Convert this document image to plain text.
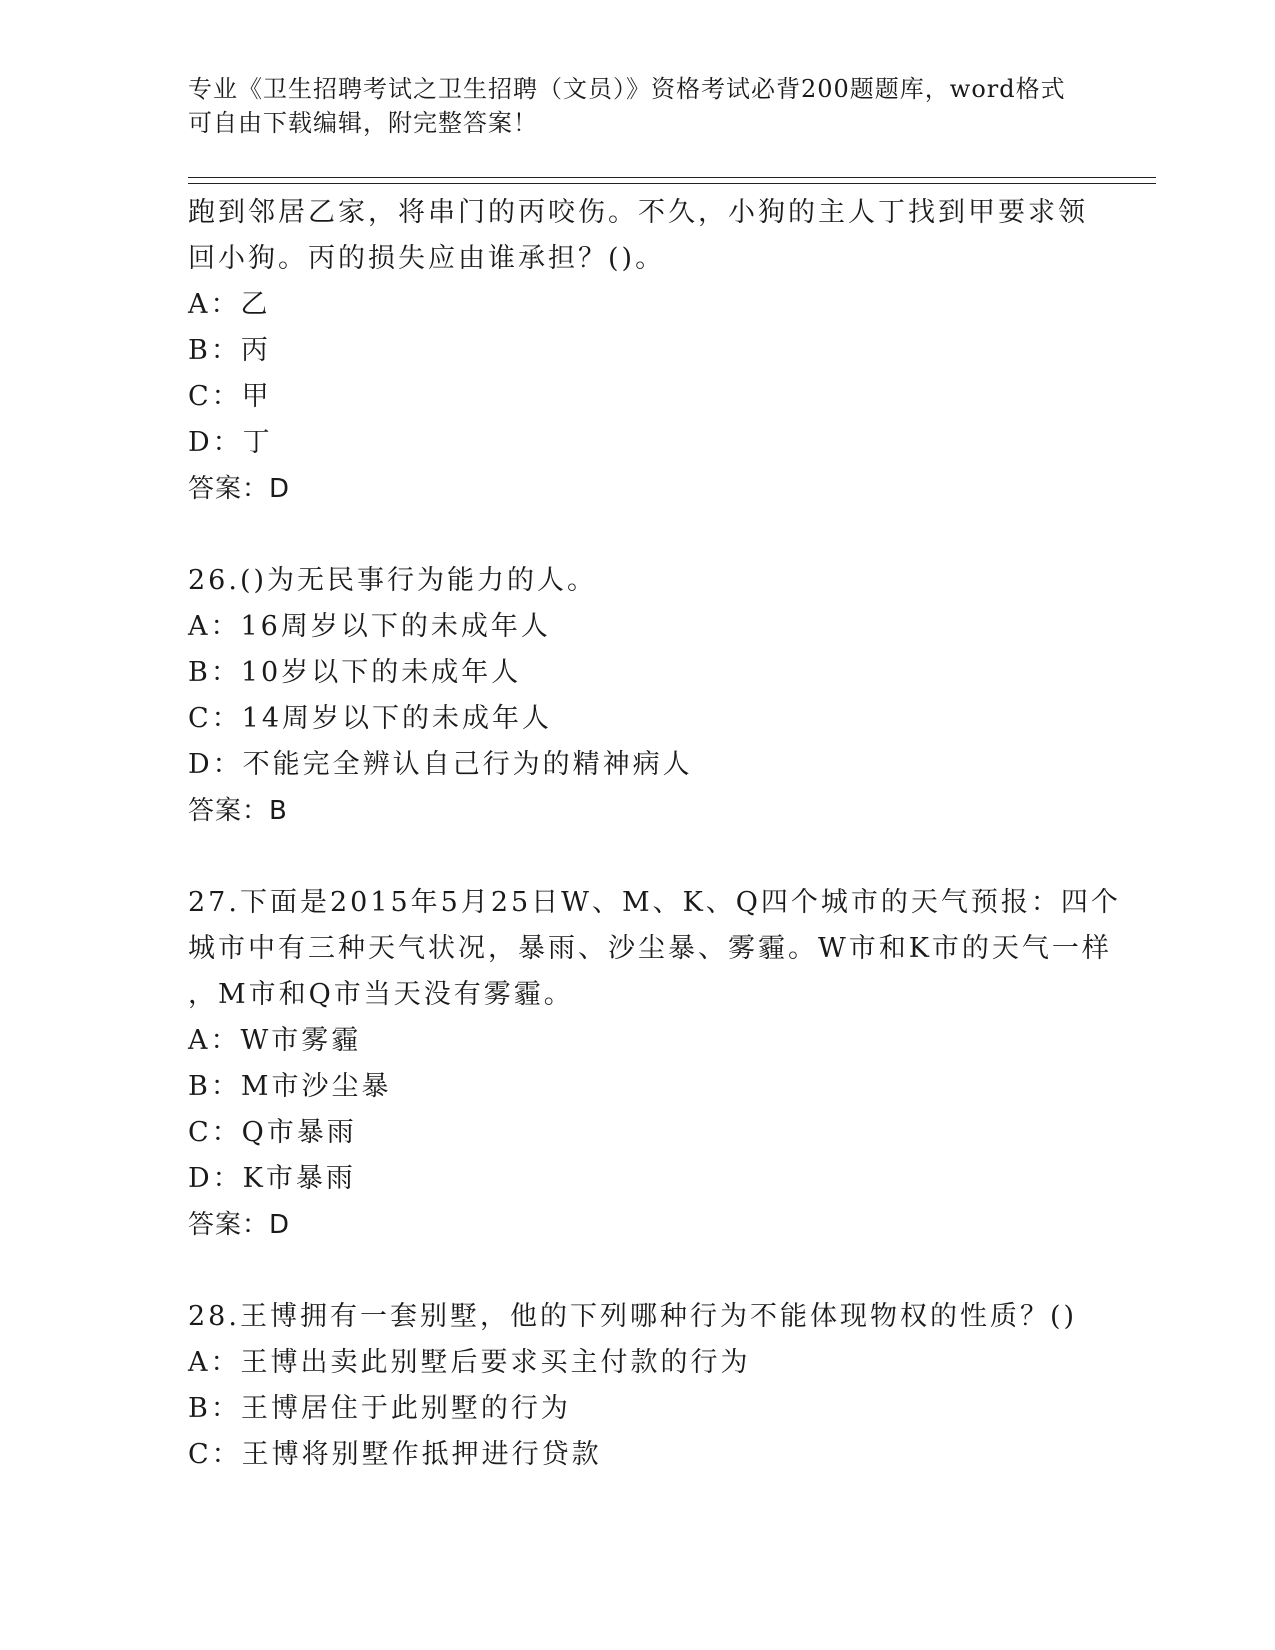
专业《卫生招聘考试之卫生招聘（文员）》资格考试必背200题题库，word格式
可自由下载编辑，附完整答案！
跑到邻居乙家，将串门的丙咬伤。不久，小狗的主人丁找到甲要求领
回小狗。丙的损失应由谁承担？()。
A：乙
B：丙
C：甲
D：丁
答案：D
26.()为无民事行为能力的人。
A：16周岁以下的未成年人
B：10岁以下的未成年人
C：14周岁以下的未成年人
D：不能完全辨认自己行为的精神病人
答案：B
27.下面是2015年5月25日W、M、K、Q四个城市的天气预报：四个
城市中有三种天气状况，暴雨、沙尘暴、雾霾。W市和K市的天气一样
，M市和Q市当天没有雾霾。
A：W市雾霾
B：M市沙尘暴
C：Q市暴雨
D：K市暴雨
答案：D
28.王博拥有一套别墅，他的下列哪种行为不能体现物权的性质？()
A：王博出卖此别墅后要求买主付款的行为
B：王博居住于此别墅的行为
C：王博将别墅作抵押进行贷款
